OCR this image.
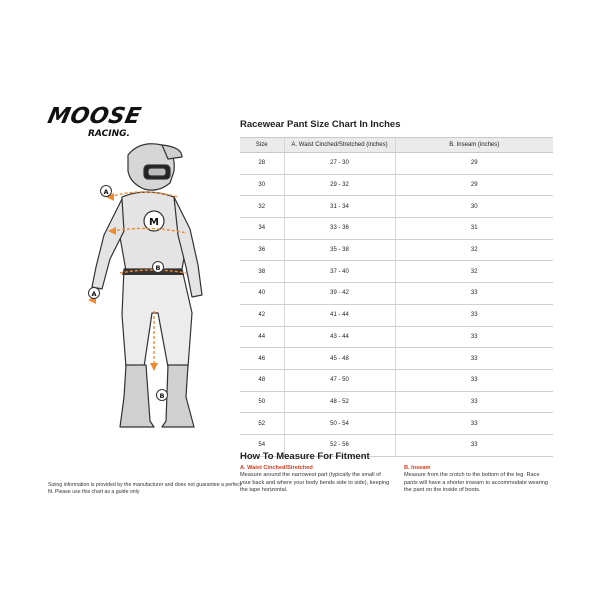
MOOSE
RACING.
M
A
B
A
B
Sizing information is provided by the manufacturer and does not guarantee a perfect fit. Please use this chart as a guide only
Racewear Pant Size Chart In Inches
Size	A. Waist Cinched/Stretched (inches)	B. Inseam (inches)
28	27 - 30	29
30	29 - 32	29
32	31 - 34	30
34	33 - 36	31
36	35 - 38	32
38	37 - 40	32
40	39 - 42	33
42	41 - 44	33
44	43 - 44	33
46	45 - 48	33
48	47 - 50	33
50	48 - 52	33
52	50 - 54	33
54	52 - 56	33
How To Measure For Fitment
A. Waist Cinched/Stretched
Measure around the narrowest part (typically the small of your back and where your body bends side to side), keeping the tape horizontal.
B. Inseam
Measure from the crotch to the bottom of the leg. Race pants will have a shorter inseam to accommodate wearing the pant on the inside of boots.
